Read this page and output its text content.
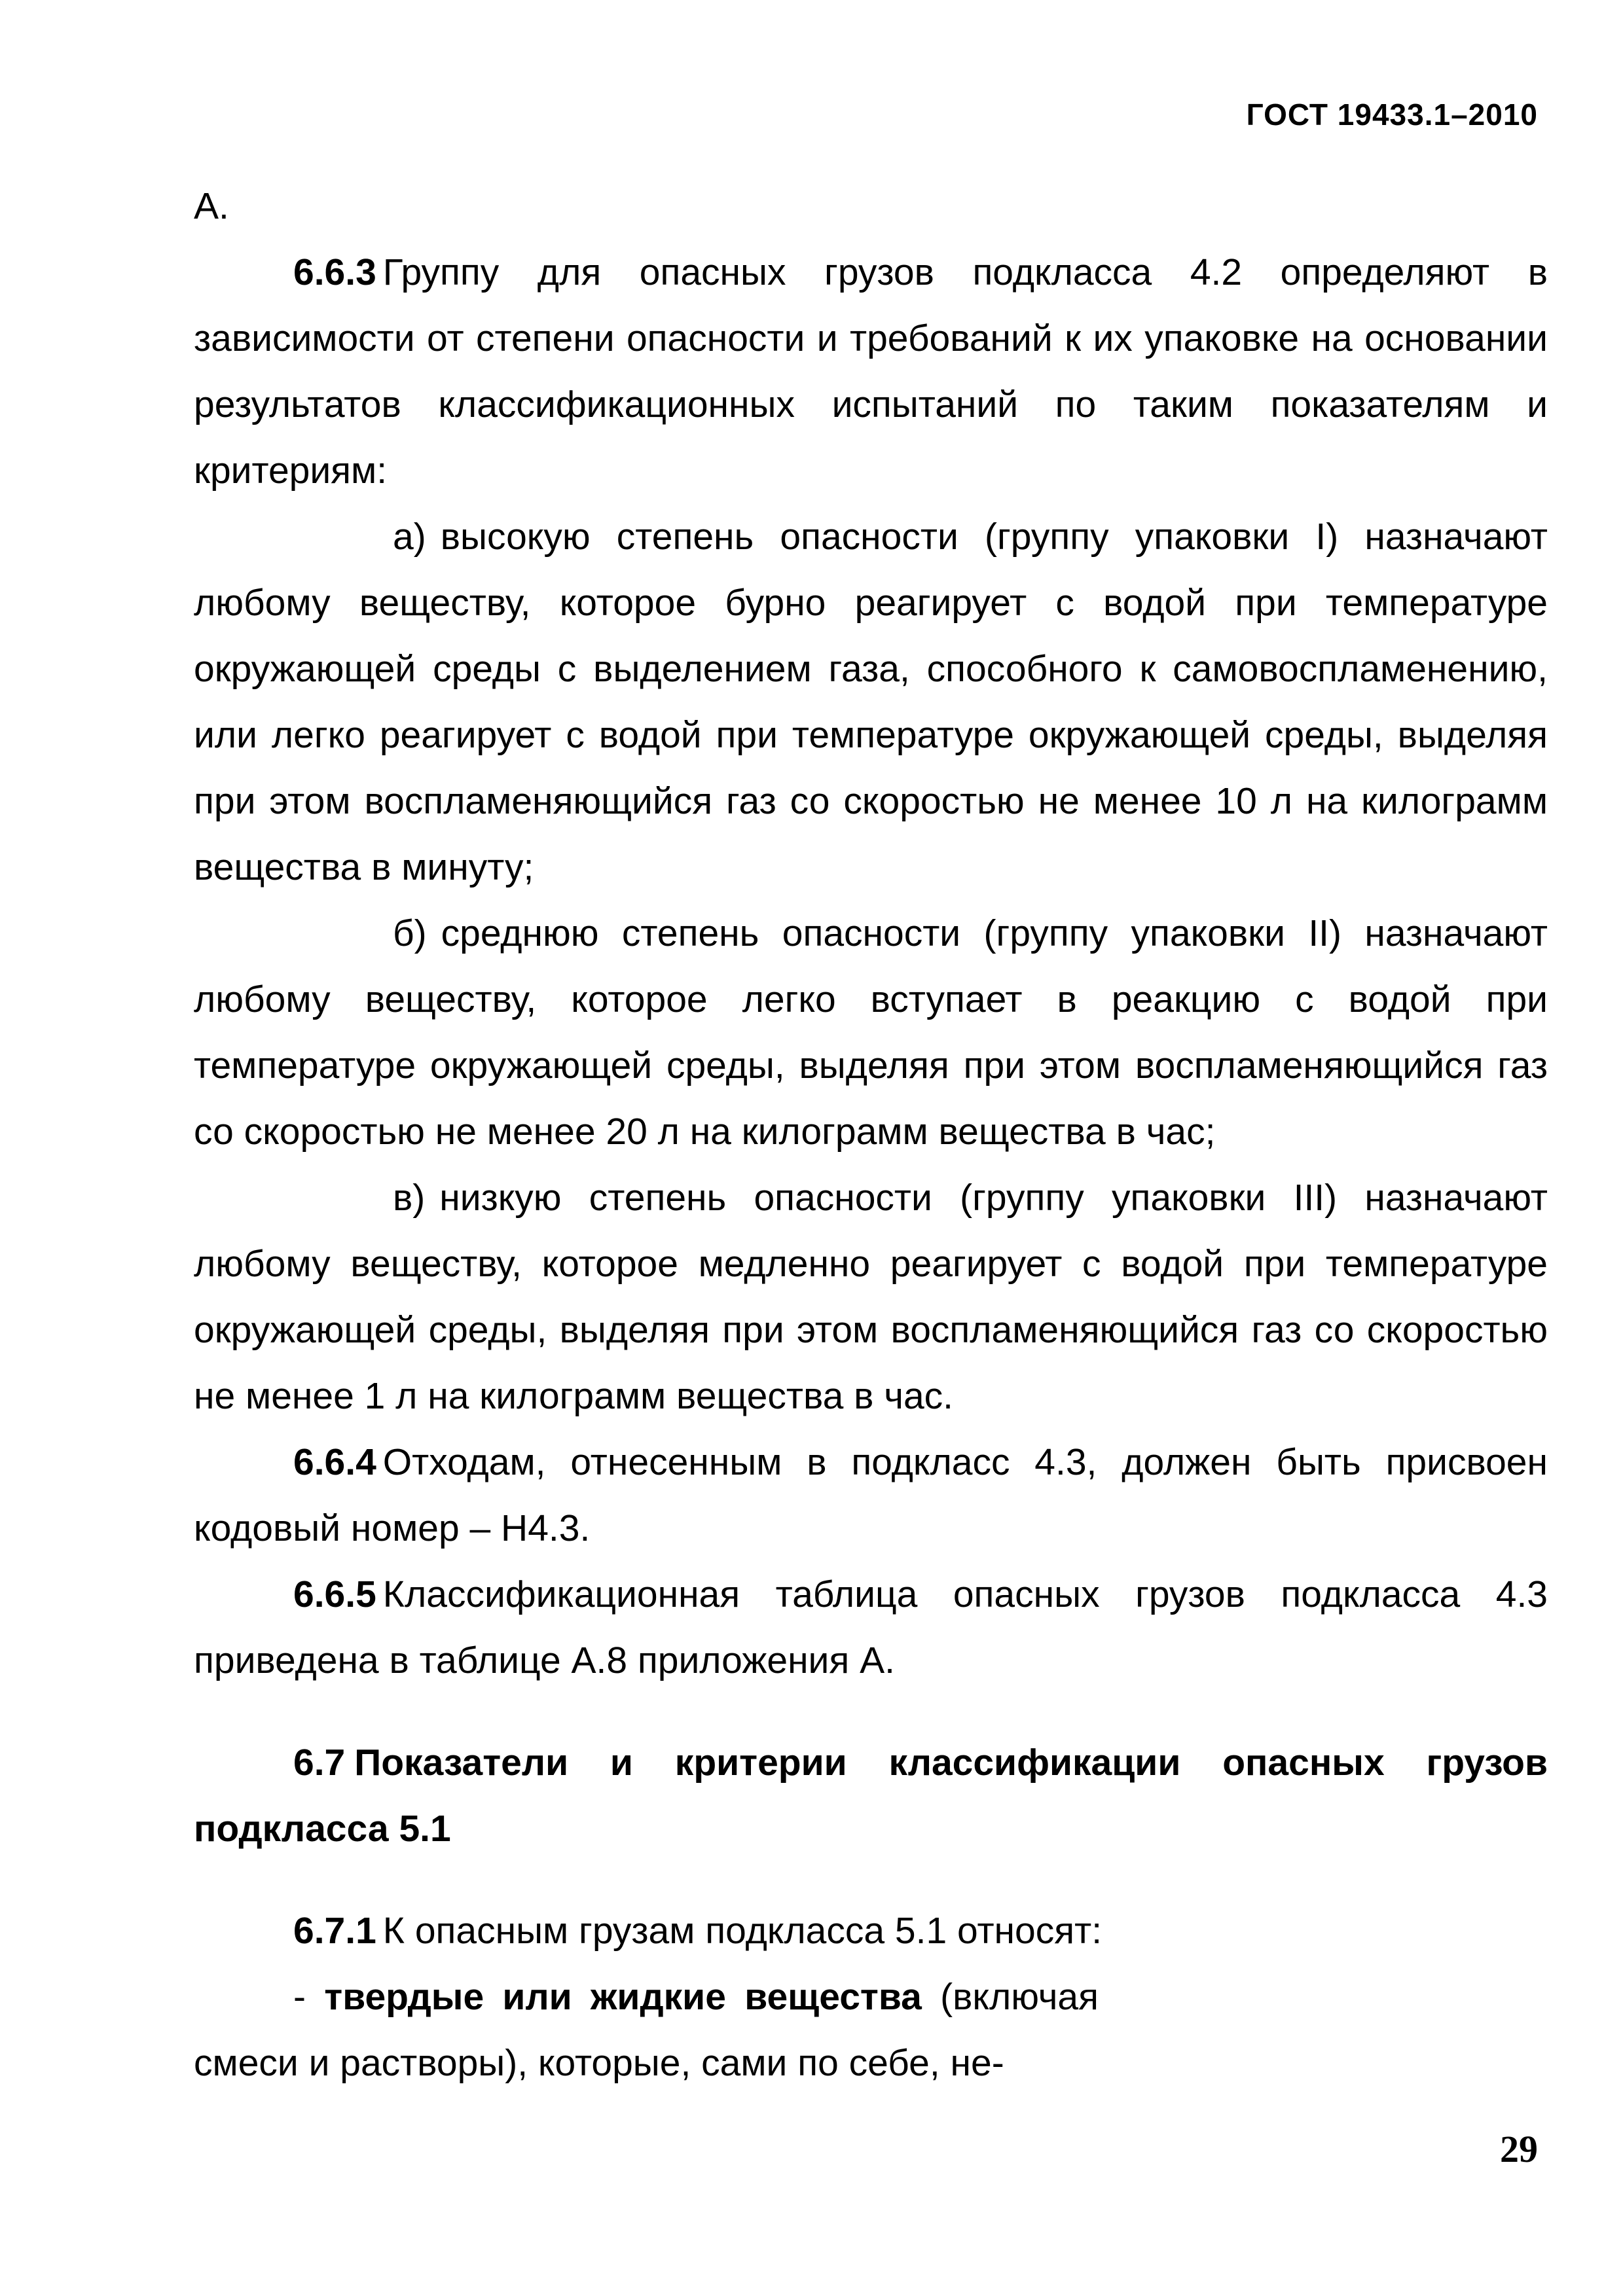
ГОСТ 19433.1–2010

А.

6.6.3 Группу для опасных грузов подкласса 4.2 определяют в зависимости от степени опасности и требований к их упаковке на основании результатов классификационных испытаний по таким показателям и критериям:

а) высокую степень опасности (группу упаковки I) назначают любому веществу, которое бурно реагирует с водой при температуре окружающей среды с выделением газа, способного к самовоспламенению, или легко реагирует с водой при температуре окружающей среды, выделяя при этом воспламеняющийся газ со скоростью не менее 10 л на килограмм вещества в минуту;

б) среднюю степень опасности (группу упаковки II) назначают любому веществу, которое легко вступает в реакцию с водой при температуре окружающей среды, выделяя при этом воспламеняющийся газ со скоростью не менее 20 л на килограмм вещества в час;

в) низкую степень опасности (группу упаковки III) назначают любому веществу, которое медленно реагирует с водой при температуре окружающей среды, выделяя при этом воспламеняющийся газ со скоростью не менее 1 л на килограмм вещества в час.

6.6.4 Отходам, отнесенным в подкласс 4.3, должен быть присвоен кодовый номер – Н4.3.

6.6.5 Классификационная таблица опасных грузов подкласса 4.3 приведена в таблице А.8 приложения А.

6.7 Показатели и критерии классификации опасных грузов подкласса 5.1

6.7.1 К опасным грузам подкласса 5.1 относят:

- твердые или жидкие вещества (включая смеси и растворы), которые, сами по себе, не-

29
